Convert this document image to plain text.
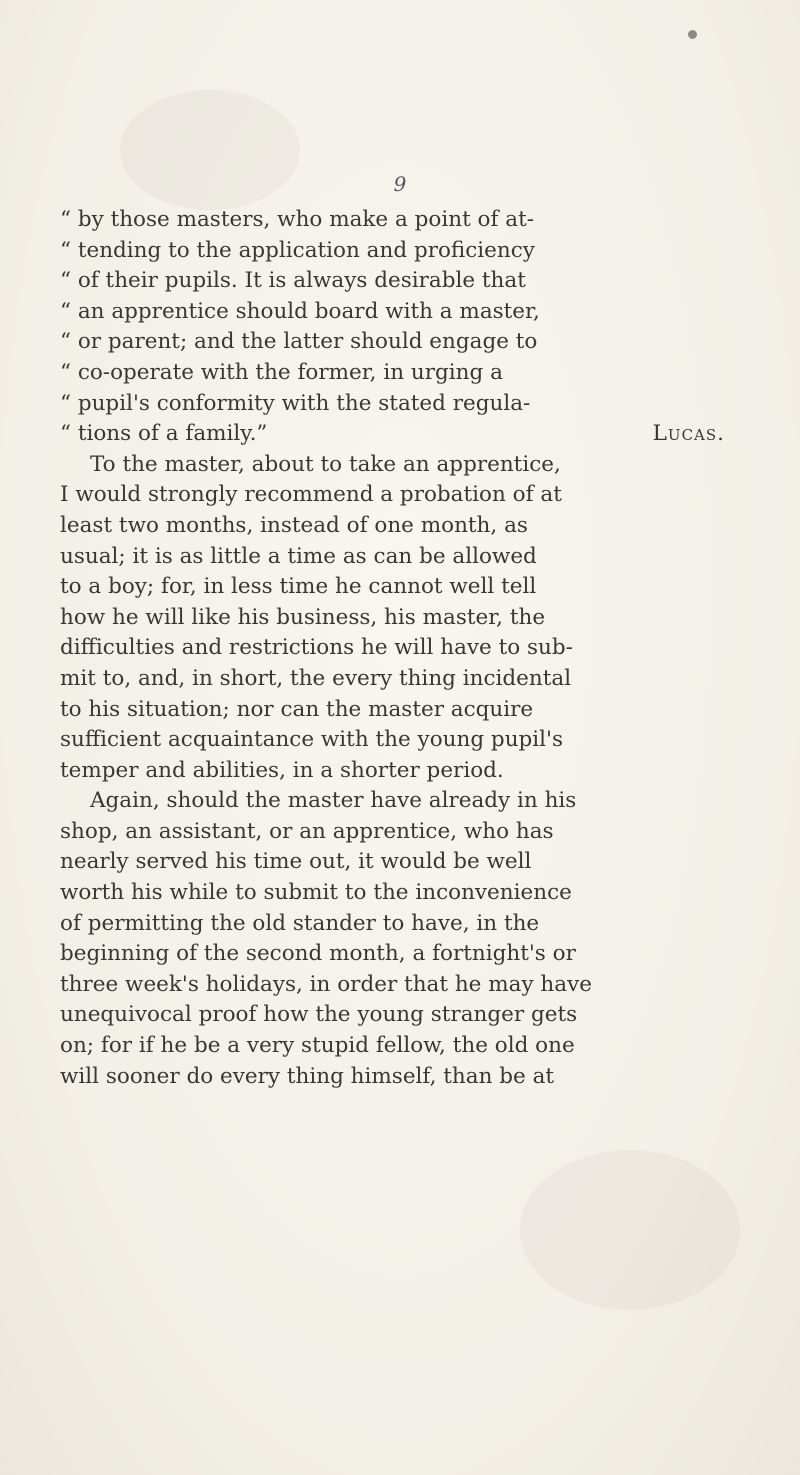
9
“ by those masters, who make a point of at-
“ tending to the application and proficiency
“ of their pupils. It is always desirable that
“ an apprentice should board with a master,
“ or parent; and the latter should engage to
“ co-operate with the former, in urging a
“ pupil's conformity with the stated regula-
“ tions of a family.”	Lucas.
To the master, about to take an apprentice,
I would strongly recommend a probation of at
least two months, instead of one month, as
usual; it is as little a time as can be allowed
to a boy; for, in less time he cannot well tell
how he will like his business, his master, the
difficulties and restrictions he will have to sub-
mit to, and, in short, the every thing incidental
to his situation; nor can the master acquire
sufficient acquaintance with the young pupil's
temper and abilities, in a shorter period.
Again, should the master have already in his
shop, an assistant, or an apprentice, who has
nearly served his time out, it would be well
worth his while to submit to the inconvenience
of permitting the old stander to have, in the
beginning of the second month, a fortnight's or
three week's holidays, in order that he may have
unequivocal proof how the young stranger gets
on; for if he be a very stupid fellow, the old one
will sooner do every thing himself, than be at
